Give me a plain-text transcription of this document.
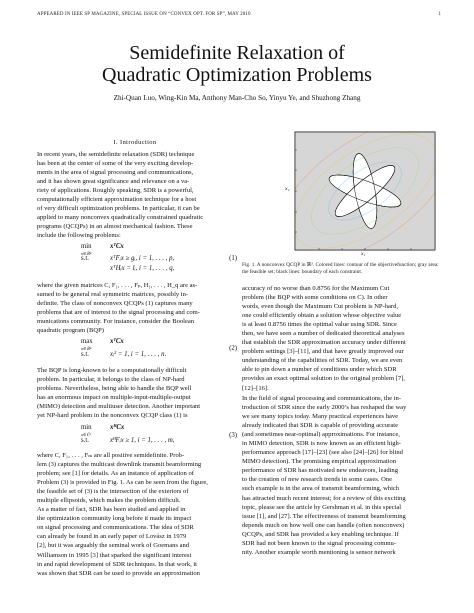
APPEARED IN IEEE SP MAGAZINE, SPECIAL ISSUE ON “CONVEX OPT. FOR SP”, MAY 2010	1
Semidefinite Relaxation of
Quadratic Optimization Problems
Zhi-Quan Luo, Wing-Kin Ma, Anthony Man-Cho So, Yinyu Ye, and Shuzhong Zhang
I. Introduction
In recent years, the semidefinite relaxation (SDR) technique
has been at the center of some of the very exciting develop-
ments in the area of signal processing and communications,
and it has shown great significance and relevance on a va-
riety of applications. Roughly speaking, SDR is a powerful,
computationally efficient approximation technique for a host
of very difficult optimization problems. In particular, it can be
applied to many nonconvex quadratically constrained quadratic
programs (QCQPs) in an almost mechanical fashion. These
include the following problems:
min
x∈ℝⁿ
xᵀCx
s.t.	xᵀFᵢx ≥ gᵢ, i = 1, . . . , p,
xᵀHᵢx = lᵢ, i = 1, . . . , q,
(1)
where the given matrices C, F₁, . . . , Fₚ, H₁, . . . , H_q are as-
sumed to be general real symmetric matrices, possibly in-
definite. The class of nonconvex QCQPs (1) captures many
problems that are of interest to the signal processing and com-
munications community. For instance, consider the Boolean
quadratic program (BQP)
max
x∈ℝⁿ
xᵀCx
s.t.	xᵢ² = 1, i = 1, . . . , n.
(2)
The BQP is long-known to be a computationally difficult
problem. In particular, it belongs to the class of NP-hard
problems. Nevertheless, being able to handle the BQP well
has an enormous impact on multiple-input-multiple-output
(MIMO) detection and multiuser detection. Another important
yet NP-hard problem in the nonconvex QCQP class (1) is
min
x∈ℂⁿ
xᴴCx
s.t.	xᴴFᵢx ≥ 1, i = 1, . . . , m,
(3)
where C, F₁, . . . , Fₘ are all positive semidefinite. Prob-
lem (3) captures the multicast downlink transmit beamforming
problem; see [1] for details. As an instance of application of
Problem (3) is provided in Fig. 1. As can be seen from the figure,
the feasible set of (3) is the intersection of the exteriors of
multiple ellipsoids, which makes the problem difficult.
As a matter of fact, SDR has been studied and applied in
the optimization community long before it made its impact
on signal processing and communications. The idea of SDR
can already be found in an early paper of Lovász in 1979
[2], but it was arguably the seminal work of Goemans and
Williamson in 1995 [3] that sparked the significant interest
in and rapid development of SDR techniques. In that work, it
was shown that SDR can be used to provide an approximation
x₂
x₁
Fig. 1. A nonconvex QCQP in ℝ². Colored lines: contour of the objectivefunction; gray area: the feasible set; black lines: boundary of each constraint.
accuracy of no worse than 0.8756 for the Maximum Cut
problem (the BQP with some conditions on C). In other
words, even though the Maximum Cut problem is NP-hard,
one could efficiently obtain a solution whose objective value
is at least 0.8756 times the optimal value using SDR. Since
then, we have seen a number of dedicated theoretical analyses
that establish the SDR approximation accuracy under different
problem settings [3]–[11], and that have greatly improved our
understanding of the capabilities of SDR. Today, we are even
able to pin down a number of conditions under which SDR
provides an exact optimal solution to the original problem [7],
[12]–[16].
In the field of signal processing and communications, the in-
troduction of SDR since the early 2000’s has reshaped the way
we see many topics today. Many practical experiences have
already indicated that SDR is capable of providing accurate
(and sometimes near-optimal) approximations. For instance,
in MIMO detection, SDR is now known as an efficient high-
performance approach [17]–[23] (see also [24]–[26] for blind
MIMO detection). The promising empirical approximation
performance of SDR has motivated new endeavors, leading
to the creation of new research trends in some cases. One
such example is in the area of transmit beamforming, which
has attracted much recent interest; for a review of this exciting
topic, please see the article by Gershman et al. in this special
issue [1], and [27]. The effectiveness of transmit beamforming
depends much on how well one can handle (often nonconvex)
QCQPs, and SDR has provided a key enabling technique. If
SDR had not been known to the signal processing commu-
nity. Another example worth mentioning is sensor network
